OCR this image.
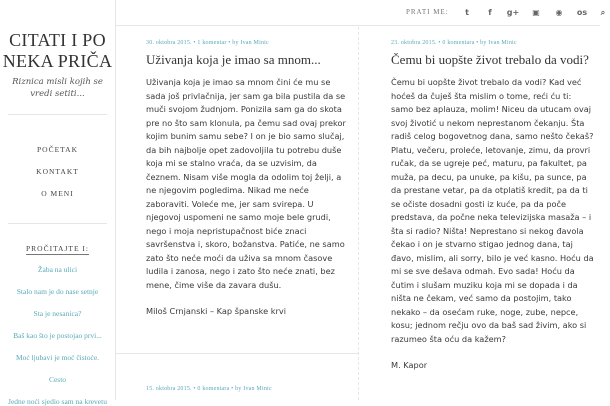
CITATI I PO NEKA PRIČA
Riznica misli kojih se vredi setiti...
POČETAK
KONTAKT
O MENI
PROČITAJTE I:
Žaba na ulici
Stalo nam je do nase setnje
Sta je nesanica?
Baš kao što je postojao prvi...
Moć ljubavi je moć čistoće.
Cesto
Jedne noći sjedio sam na krevetu
PRATI ME:	t	f	g+	▣	◉	os	⌕
30. oktobra 2015. • 1 komentar • by Ivan Minic
Uživanja koja je imao sa mnom...

Uživanja koja je imao sa mnom čini će mu se sada još privlačnija, jer sam ga bila pustila da se muči svojom žudnjom. Ponizila sam ga do skota pre no što sam klonula, pa čemu sad ovaj prekor kojim bunim samu sebe? I on je bio samo slučaj, da bih najbolje opet zadovoljila tu potrebu duše koja mi se stalno vraća, da se uzvisim, da čeznem. Nisam više mogla da odolim toj želji, a ne njegovim pogledima. Nikad me neće zaboraviti. Voleće me, jer sam svirepa. U njegovoj uspomeni ne samo moje bele grudi, nego i moja nepristupačnost biće znaci savršenstva i, skoro, božanstva. Patiće, ne samo zato što neće moći da uživa sa mnom časove ludila i zanosa, nego i zato što neće znati, bez mene, čime više da zavara dušu.

Miloš Crnjanski – Kap španske krvi

15. oktobra 2015. • 0 komentara • by Ivan Minic
23. oktobra 2015. • 0 komentara • by Ivan Minic
Čemu bi uopšte život trebalo da vodi?

Čemu bi uopšte život trebalo da vodi? Kad već hoćeš da čuješ šta mislim o tome, reći ću ti: samo bez aplauza, molim! Niceu da utucam ovaj svoj životić u nekom neprestanom čekanju. Šta radiš celog bogovetnog dana, samo nešto čekaš? Platu, večeru, proleće, letovanje, zimu, da provri ručak, da se ugreje peć, maturu, pa fakultet, pa muža, pa decu, pa unuke, pa kišu, pa sunce, pa da prestane vetar, pa da otplatiš kredit, pa da ti se očiste dosadni gosti iz kuće, pa da poče predstava, da počne neka televizijska masaža – i šta si radio? Ništa! Neprestano si nekog đavola čekao i on je stvarno stigao jednog dana, taj đavo, mislim, ali sorry, bilo je već kasno. Hoću da mi se sve dešava odmah. Evo sada! Hoću da čutim i slušam muziku koja mi se dopada i da ništa ne čekam, već samo da postojim, tako nekako – da osećam ruke, noge, zube, nepce, kosu; jednom rečju ovo da baš sad živim, ako si razumeo šta oću da kažem?

M. Kapor
